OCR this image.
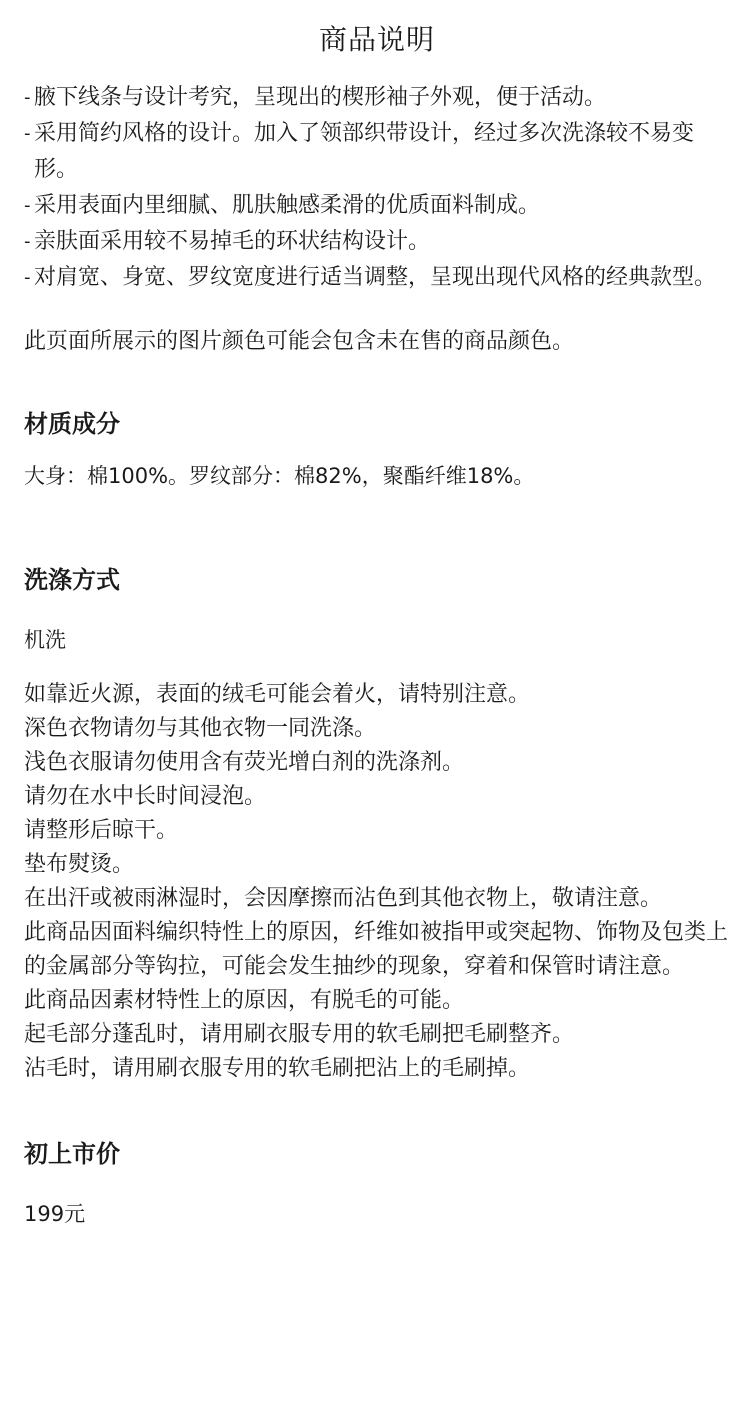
商品说明
- 腋下线条与设计考究，呈现出的楔形袖子外观，便于活动。
- 采用简约风格的设计。加入了领部织带设计，经过多次洗涤较不易变形。
- 采用表面内里细腻、肌肤触感柔滑的优质面料制成。
- 亲肤面采用较不易掉毛的环状结构设计。
- 对肩宽、身宽、罗纹宽度进行适当调整，呈现出现代风格的经典款型。

此页面所展示的图片颜色可能会包含未在售的商品颜色。

材质成分

大身：棉100%。罗纹部分：棉82%，聚酯纤维18%。

洗涤方式

机洗

如靠近火源，表面的绒毛可能会着火，请特别注意。
深色衣物请勿与其他衣物一同洗涤。
浅色衣服请勿使用含有荧光增白剂的洗涤剂。
请勿在水中长时间浸泡。
请整形后晾干。
垫布熨烫。
在出汗或被雨淋湿时，会因摩擦而沾色到其他衣物上，敬请注意。
此商品因面料编织特性上的原因，纤维如被指甲或突起物、饰物及包类上的金属部分等钩拉，可能会发生抽纱的现象，穿着和保管时请注意。
此商品因素材特性上的原因，有脱毛的可能。
起毛部分蓬乱时，请用刷衣服专用的软毛刷把毛刷整齐。
沾毛时，请用刷衣服专用的软毛刷把沾上的毛刷掉。
初上市价

199元
